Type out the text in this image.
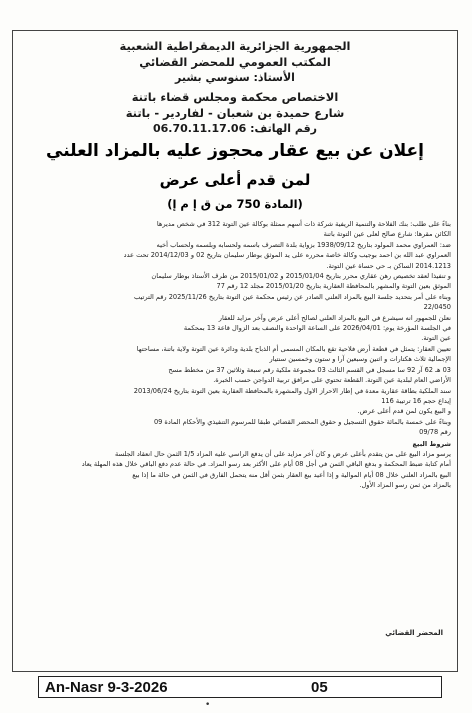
الجمهورية الجزائرية الديمقراطية الشعبية
المكتب العمومي للمحضر القضائي
الأستاذ: سنوسي بشير
الاختصاص محكمة ومجلس قضاء باتنة
شارع حميدة بن شعبان - لفاردير - باتنة
رقم الهاتف: 06.70.11.17.06
إعلان عن بيع عقار محجوز عليه بالمزاد العلني
لمن قدم أعلى عرض
(المادة 750 من ق إ م إ)

بناءً على طلب: بنك الفلاحة والتنمية الريفية شركة ذات أسهم ممثلة بوكالة عين التوتة 312 في شخص مديرها

الكائن مقرها: شارع صالح لعلى عين التوتة باتنة

ضد: العمراوي محمد المولود بتاريخ 1938/09/12 بزواية بلدة التصرف باسمه ولحسابه وبلسمه ولحساب أخيه

العمراوي عبد الله بن احمد بوجيب وكالة خاصة محرره على يد الموثق بوطار سليمان بتاريخ 02 و 2014/12/03 تحت عدد

2014.1213 الساكن بـ حي حساة عين التوتة.

و تنفيذا لعقد تخصيص رهن عقاري محرر بتاريخ 2015/01/04 و 2015/01/02 من طرف الأستاذ بوطار سليمان

الموثق بعين التوتة والمشهر بالمحافظة العقارية بتاريخ 2015/01/20 مجلد 12 رقم 77

وبناء على أمر بتحديد جلسة البيع بالمزاد العلني الصادر عن رئيس محكمة عين التوتة بتاريخ 2025/11/26 رقم الترتيب

22/0450

نعلن للجمهور انه سيشرع في البيع بالمزاد العلني لصالح أعلى عرض وآخر مزايد للعقار

في الجلسة المؤرخة يوم: 2026/04/01 على الساعة الواحدة والنصف بعد الزوال قاعة 13 بمحكمة

عين التوتة.

تعيين العقار: يتمثل في قطعة أرض فلاحية تقع بالمكان المسمى أم الذباح بلدية ودائرة عين التوتة ولاية باتنة، مساحتها

الإجمالية ثلاث هكتارات و اثنين وسبعين آرا و ستون وخمسين سنتيار

03 هـ 62 آر 92 سا مسجل في القسم الثالث 03 مجموعة ملكية رقم سبعة وثلاثين 37 من مخطط مسح

الأراضي العام لبلدية عين التوتة. القطعة تحتوي على مرافق تربية الدواجن حسب الخبرة.

سند الملكية بطاقة عقارية معدة في إطار الاحراز الاول والمشهرة بالمحافظة العقارية بعين التوتة بتاريخ 2013/06/24

إيداع حجم 16 ترتيبة 116

و البيع يكون لمن قدم أعلى عرض.

وبناءً على خمسة بالمائة حقوق التسجيل و حقوق المحضر القضائي طبقا للمرسوم التنفيذي والأحكام المادة 09

رقم 09/78

شروط البيع

يرسو مزاد البيع على من يتقدم بأعلى عرض و كان آخر مزايد على أن يدفع الراسي عليه المزاد 1/5 الثمن حال انعقاد الجلسة

أمام كتابة ضبط المحكمة و بدفع الباقي الثمن في أجل 08 أيام على الأكثر بعد رسو المزاد. في حالة عدم دفع الباقي خلال هذه المهلة يعاد

البيع بالمزاد العلني خلال 08 أيام الموالية و إذا أعيد بيع العقار بثمن أقل منه يتحمل الفارق في الثمن في حالة ما إذا بيع

بالمزاد من ثمن رسو المزاد الأول.

المحضر القضائي
An-Nasr 9-3-2026	05
•
